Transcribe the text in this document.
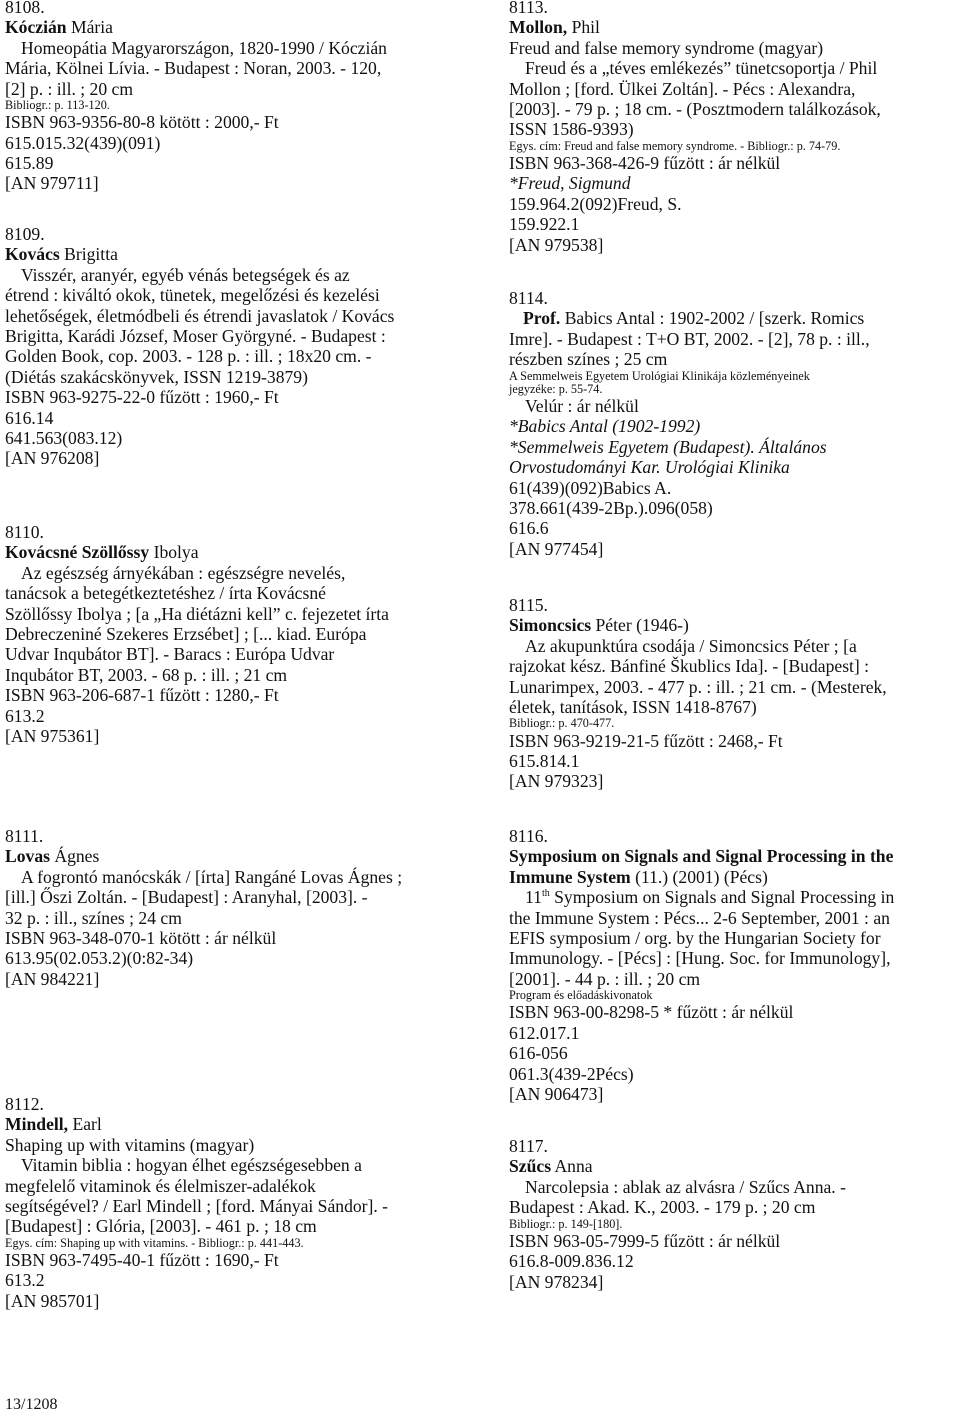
8108.
Kóczián Mária
Homeopátia Magyarországon, 1820-1990 / Kóczián
Mária, Kölnei Lívia. - Budapest : Noran, 2003. - 120,
[2] p. : ill. ; 20 cm
Bibliogr.: p. 113-120.
ISBN 963-9356-80-8 kötött : 2000,- Ft
615.015.32(439)(091)
615.89
[AN 979711]
8109.
Kovács Brigitta
Visszér, aranyér, egyéb vénás betegségek és az
étrend : kiváltó okok, tünetek, megelőzési és kezelési
lehetőségek, életmódbeli és étrendi javaslatok / Kovács
Brigitta, Karádi József, Moser Györgyné. - Budapest :
Golden Book, cop. 2003. - 128 p. : ill. ; 18x20 cm. -
(Diétás szakácskönyvek, ISSN 1219-3879)
ISBN 963-9275-22-0 fűzött : 1960,- Ft
616.14
641.563(083.12)
[AN 976208]
8110.
Kovácsné Szöllőssy Ibolya
Az egészség árnyékában : egészségre nevelés,
tanácsok a betegétkeztetéshez / írta Kovácsné
Szöllőssy Ibolya ; [a „Ha diétázni kell” c. fejezetet írta
Debreczeniné Szekeres Erzsébet] ; [... kiad. Európa
Udvar Inqubátor BT]. - Baracs : Európa Udvar
Inqubátor BT, 2003. - 68 p. : ill. ; 21 cm
ISBN 963-206-687-1 fűzött : 1280,- Ft
613.2
[AN 975361]
8111.
Lovas Ágnes
A fogrontó manócskák / [írta] Rangáné Lovas Ágnes ;
[ill.] Őszi Zoltán. - [Budapest] : Aranyhal, [2003]. -
32 p. : ill., színes ; 24 cm
ISBN 963-348-070-1 kötött : ár nélkül
613.95(02.053.2)(0:82-34)
[AN 984221]
8112.
Mindell, Earl
Shaping up with vitamins (magyar)
Vitamin biblia : hogyan élhet egészségesebben a
megfelelő vitaminok és élelmiszer-adalékok
segítségével? / Earl Mindell ; [ford. Mányai Sándor]. -
[Budapest] : Glória, [2003]. - 461 p. ; 18 cm
Egys. cím: Shaping up with vitamins. - Bibliogr.: p. 441-443.
ISBN 963-7495-40-1 fűzött : 1690,- Ft
613.2
[AN 985701]
8113.
Mollon, Phil
Freud and false memory syndrome (magyar)
Freud és a „téves emlékezés” tünetcsoportja / Phil
Mollon ; [ford. Ülkei Zoltán]. - Pécs : Alexandra,
[2003]. - 79 p. ; 18 cm. - (Posztmodern találkozások,
ISSN 1586-9393)
Egys. cím: Freud and false memory syndrome. - Bibliogr.: p. 74-79.
ISBN 963-368-426-9 fűzött : ár nélkül
*Freud, Sigmund
159.964.2(092)Freud, S.
159.922.1
[AN 979538]
8114.
Prof. Babics Antal : 1902-2002 / [szerk. Romics
Imre]. - Budapest : T+O BT, 2002. - [2], 78 p. : ill.,
részben színes ; 25 cm
A Semmelweis Egyetem Urológiai Klinikája közleményeinek
jegyzéke: p. 55-74.
Velúr : ár nélkül
*Babics Antal (1902-1992)
*Semmelweis Egyetem (Budapest). Általános
Orvostudományi Kar. Urológiai Klinika
61(439)(092)Babics A.
378.661(439-2Bp.).096(058)
616.6
[AN 977454]
8115.
Simoncsics Péter (1946-)
Az akupunktúra csodája / Simoncsics Péter ; [a
rajzokat kész. Bánfiné Škublics Ida]. - [Budapest] :
Lunarimpex, 2003. - 477 p. : ill. ; 21 cm. - (Mesterek,
életek, tanítások, ISSN 1418-8767)
Bibliogr.: p. 470-477.
ISBN 963-9219-21-5 fűzött : 2468,- Ft
615.814.1
[AN 979323]
8116.
Symposium on Signals and Signal Processing in the
Immune System (11.) (2001) (Pécs)
11th Symposium on Signals and Signal Processing in
the Immune System : Pécs... 2-6 September, 2001 : an
EFIS symposium / org. by the Hungarian Society for
Immunology. - [Pécs] : [Hung. Soc. for Immunology],
[2001]. - 44 p. : ill. ; 20 cm
Program és előadáskivonatok
ISBN 963-00-8298-5 * fűzött : ár nélkül
612.017.1
616-056
061.3(439-2Pécs)
[AN 906473]
8117.
Szűcs Anna
Narcolepsia : ablak az alvásra / Szűcs Anna. -
Budapest : Akad. K., 2003. - 179 p. ; 20 cm
Bibliogr.: p. 149-[180].
ISBN 963-05-7999-5 fűzött : ár nélkül
616.8-009.836.12
[AN 978234]
13/1208
